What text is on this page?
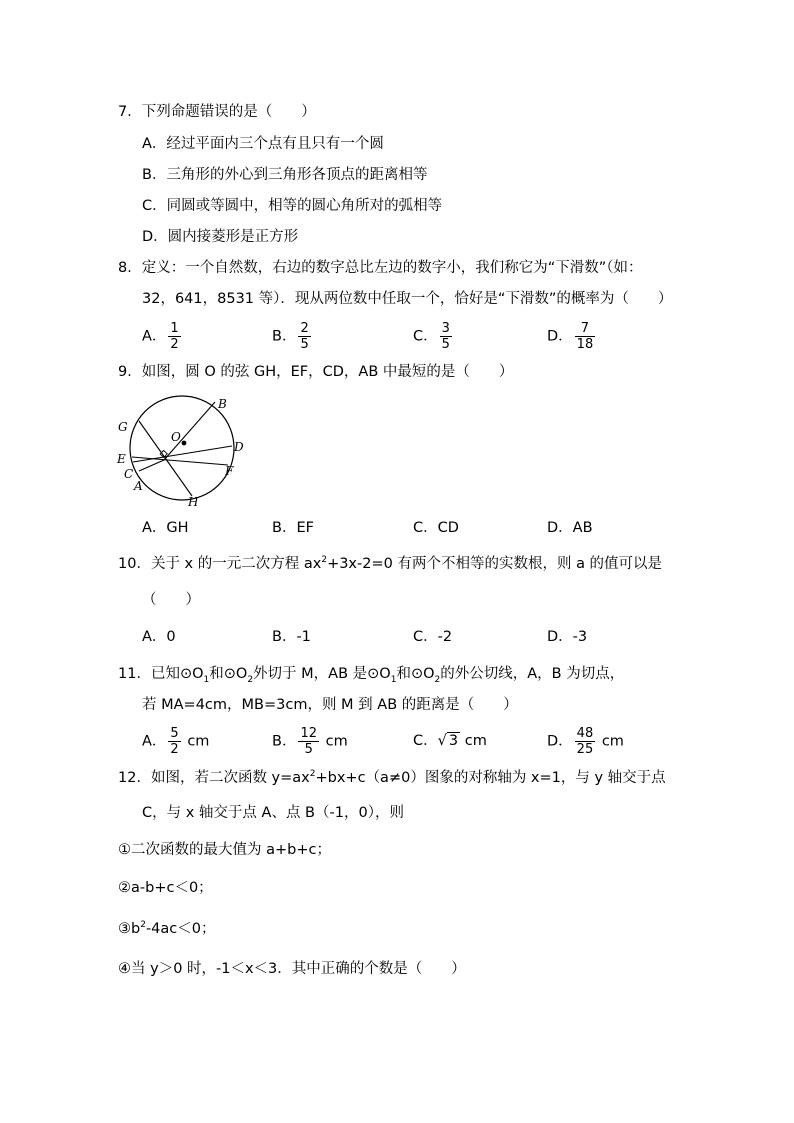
7．下列命题错误的是（　　）
A．经过平面内三个点有且只有一个圆
B．三角形的外心到三角形各顶点的距离相等
C．同圆或等圆中，相等的圆心角所对的弧相等
D．圆内接菱形是正方形
8．定义：一个自然数，右边的数字总比左边的数字小，我们称它为“下滑数”（如：
32，641，8531 等）．现从两位数中任取一个，恰好是“下滑数”的概率为（　　）
A． $\frac{1}{2}$	B． $\frac{2}{5}$	C． $\frac{3}{5}$	D． $\frac{7}{18}$
9．如图，圆 O 的弦 GH，EF，CD，AB 中最短的是（　　）
B
G
O
D
E
F
C
A
H
A．GH	B．EF	C．CD	D．AB
10．关于 x 的一元二次方程 $ax^2+3x-2=0$ 有两个不相等的实数根，则 a 的值可以是
（　　）
A．0	B．-1	C．-2	D．-3
11．已知$⊙O_1$和$⊙O_2$外切于 M，AB 是$⊙O_1$和$⊙O_2$的外公切线，A，B 为切点，
若 MA=4cm，MB=3cm，则 M 到 AB 的距离是（　　）
A． $\frac{5}{2}$ cm	B． $\frac{12}{5}$ cm	C．√ 3 cm	D． $\frac{48}{25}$ cm
12．如图，若二次函数 $y=ax^2+bx+c(a\ne 0)$图象的对称轴为 x=1，与 y 轴交于点
C，与 x 轴交于点 A、点 B（-1，0），则
①二次函数的最大值为 a+b+c；
②a-b+c＜0；
$③b^2-4ac<0$；
④当 y＞0 时，-1＜x＜3．其中正确的个数是（　　）
